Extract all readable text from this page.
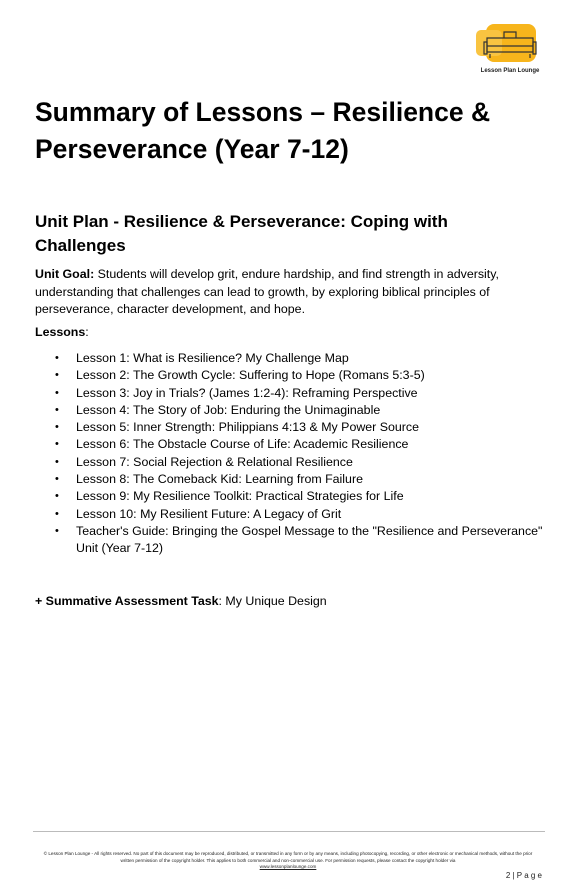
Lesson Plan Lounge
Summary of Lessons – Resilience & Perseverance (Year 7-12)
Unit Plan - Resilience & Perseverance: Coping with Challenges

Unit Goal: Students will develop grit, endure hardship, and find strength in adversity, understanding that challenges can lead to growth, by exploring biblical principles of perseverance, character development, and hope.

Lessons:

• Lesson 1: What is Resilience? My Challenge Map
• Lesson 2: The Growth Cycle: Suffering to Hope (Romans 5:3-5)
• Lesson 3: Joy in Trials? (James 1:2-4): Reframing Perspective
• Lesson 4: The Story of Job: Enduring the Unimaginable
• Lesson 5: Inner Strength: Philippians 4:13 & My Power Source
• Lesson 6: The Obstacle Course of Life: Academic Resilience
• Lesson 7: Social Rejection & Relational Resilience
• Lesson 8: The Comeback Kid: Learning from Failure
• Lesson 9: My Resilience Toolkit: Practical Strategies for Life
• Lesson 10: My Resilient Future: A Legacy of Grit
• Teacher's Guide: Bringing the Gospel Message to the "Resilience and Perseverance" Unit (Year 7-12)

+ Summative Assessment Task: My Unique Design

© Lesson Plan Lounge - All rights reserved. No part of this document may be reproduced, distributed, or transmitted in any form or by any means, including photocopying, recording, or other electronic or mechanical methods, without the prior written permission of the copyright holder. This applies to both commercial and non-commercial use. For permission requests, please contact the copyright holder via
www.lessonplanlounge.com
2 | P a g e
